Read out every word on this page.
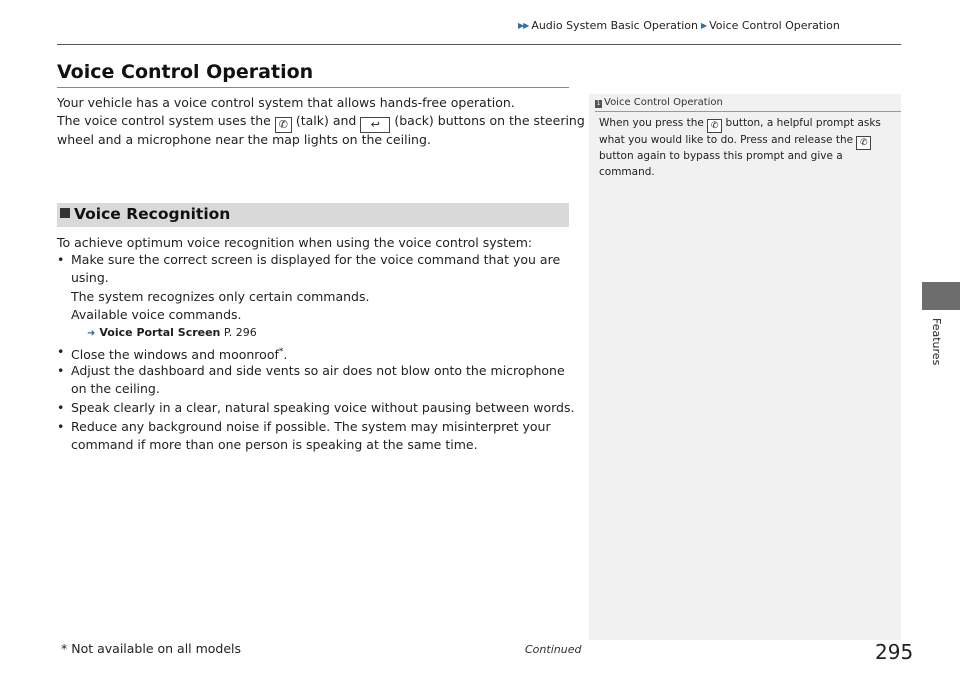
▶▶ Audio System Basic Operation ▶ Voice Control Operation
Features
Voice Control Operation
Your vehicle has a voice control system that allows hands-free operation.
The voice control system uses the ✆ (talk) and ↩ (back) buttons on the steering
wheel and a microphone near the map lights on the ceiling.
Voice Recognition
To achieve optimum voice recognition when using the voice control system:
• Make sure the correct screen is displayed for the voice command that you are
using.
The system recognizes only certain commands.
Available voice commands.
➜ Voice Portal Screen P. 296
• Close the windows and moonroof*.
• Adjust the dashboard and side vents so air does not blow onto the microphone
on the ceiling.
• Speak clearly in a clear, natural speaking voice without pausing between words.
• Reduce any background noise if possible. The system may misinterpret your
command if more than one person is speaking at the same time.
1 Voice Control Operation
When you press the ✆ button, a helpful prompt asks
what you would like to do. Press and release the ✆
button again to bypass this prompt and give a
command.
* Not available on all models	Continued	295
